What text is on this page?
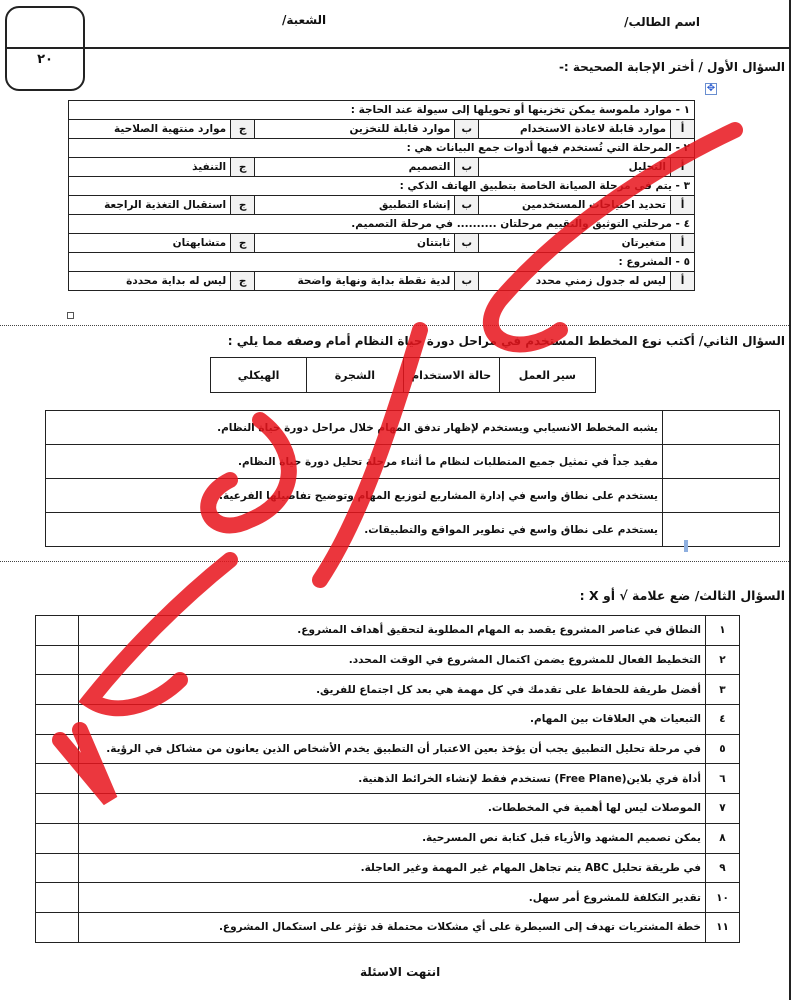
٢٠
اسم الطالب/
الشعبة/
السؤال الأول / أختر الإجابة الصحيحة :-
✥
١ - موارد ملموسة يمكن تخزينها أو تحويلها إلى سيولة عند الحاجة :					
أ	موارد قابلة لاعادة الاستخدام	ب	موارد قابلة للتخزين	ج	موارد منتهية الصلاحية
٢ - المرحلة التي تُستخدم فيها أدوات جمع البيانات هي :					
أ	التحليل	ب	التصميم	ج	التنفيذ
٣ - يتم في مرحلة الصيانة الخاصة بتطبيق الهاتف الذكي :					
أ	تحديد احتياجات المستخدمين	ب	إنشاء التطبيق	ج	استقبال التغذية الراجعة
٤ - مرحلتي التوثيق والتقييم مرحلتان .......... في مرحلة التصميم.					
أ	متغيرتان	ب	ثابتتان	ج	متشابهتان
٥ - المشروع :					
أ	ليس له جدول زمني محدد	ب	لدية نقطة بداية ونهاية واضحة	ج	ليس له بداية محددة
السؤال الثاني/ أكتب نوع المخطط المستخدم في مراحل دورة حياة النظام أمام وصفه مما يلي :
سير العمل	حالة الاستخدام	الشجرة	الهيكلي
	يشبه المخطط الانسيابي ويستخدم لإظهار تدفق المهام خلال مراحل دورة حياة النظام.
	مفيد جداً في تمثيل جميع المتطلبات لنظام ما أثناء مرحلة تحليل دورة حياة النظام.
	يستخدم على نطاق واسع في إدارة المشاريع لتوزيع المهام وتوضيح تفاصيلها الفرعية.
	يستخدم على نطاق واسع في تطوير المواقع والتطبيقات.
السؤال الثالث/ ضع علامة √ أو X :
١	النطاق في عناصر المشروع يقصد به المهام المطلوبة لتحقيق أهداف المشروع.	
٢	التخطيط الفعال للمشروع يضمن اكتمال المشروع في الوقت المحدد.	
٣	أفضل طريقة للحفاظ على تقدمك في كل مهمة هي بعد كل اجتماع للفريق.	
٤	التبعيات هي العلاقات بين المهام.	
٥	في مرحلة تحليل التطبيق يجب أن يؤخذ بعين الاعتبار أن التطبيق يخدم الأشخاص الذين يعانون من مشاكل في الرؤية.	
٦	أداة فري بلاين(Free Plane) تستخدم فقط لإنشاء الخرائط الذهنية.	
٧	الموصلات ليس لها أهمية في المخططات.	
٨	يمكن تصميم المشهد والأزياء قبل كتابة نص المسرحية.	
٩	في طريقة تحليل ABC يتم تجاهل المهام غير المهمة وغير العاجلة.	
١٠	تقدير التكلفة للمشروع أمر سهل.	
١١	خطة المشتريات تهدف إلى السيطرة على أي مشكلات محتملة قد تؤثر على استكمال المشروع.	
انتهت الاسئلة
